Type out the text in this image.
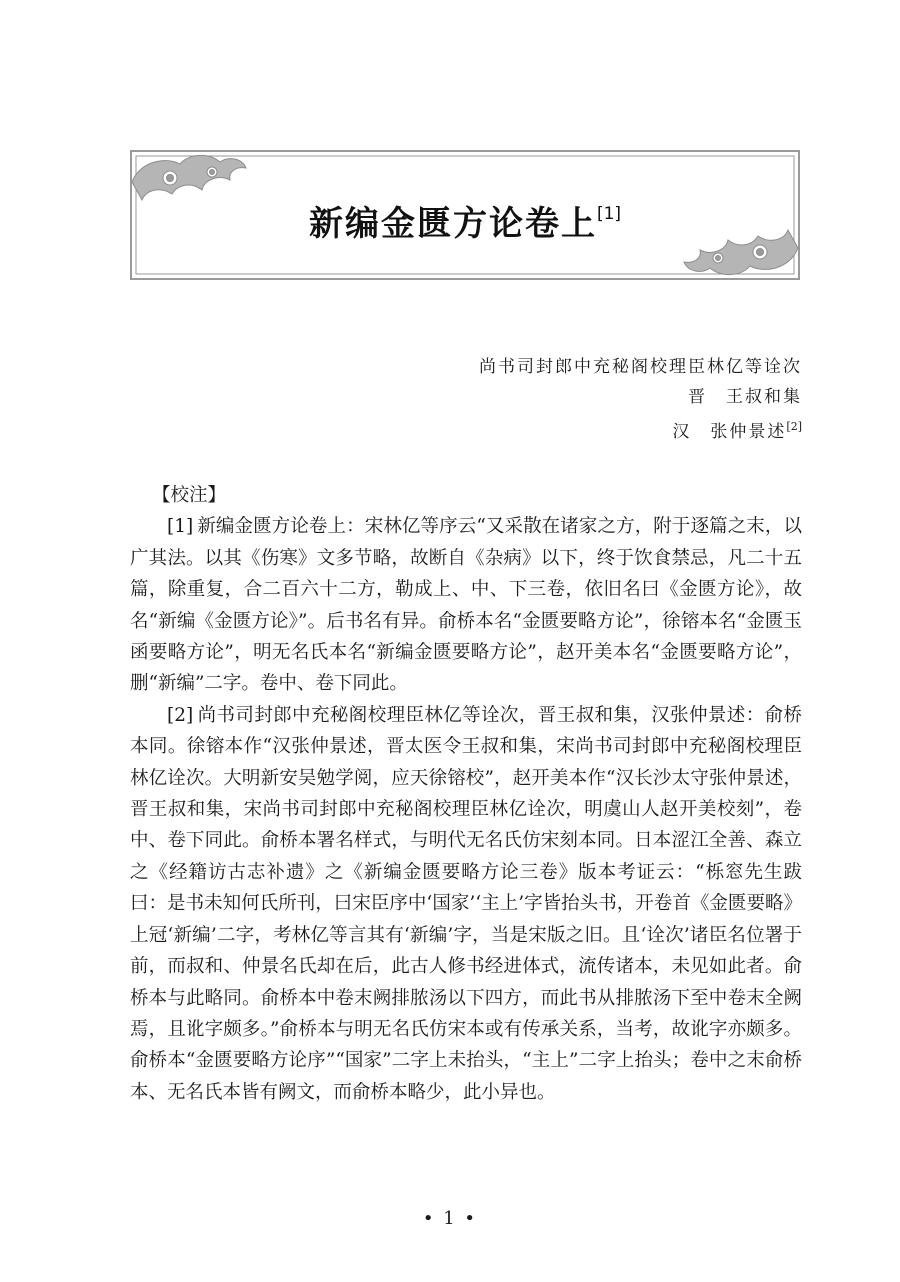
新编金匮方论卷上[1]
尚书司封郎中充秘阁校理臣林亿等诠次
晋　王叔和集
汉　张仲景述[2]

【校注】

[1] 新编金匮方论卷上：宋林亿等序云“又采散在诸家之方，附于逐篇之末，以广其法。以其《伤寒》文多节略，故断自《杂病》以下，终于饮食禁忌，凡二十五篇，除重复，合二百六十二方，勒成上、中、下三卷，依旧名曰《金匮方论》，故名“新编《金匮方论》”。后书名有异。俞桥本名“金匮要略方论”，徐镕本名“金匮玉函要略方论”，明无名氏本名“新编金匮要略方论”，赵开美本名“金匮要略方论”，删“新编”二字。卷中、卷下同此。

[2] 尚书司封郎中充秘阁校理臣林亿等诠次，晋王叔和集，汉张仲景述：俞桥本同。徐镕本作“汉张仲景述，晋太医令王叔和集，宋尚书司封郎中充秘阁校理臣林亿诠次。大明新安吴勉学阅，应天徐镕校”，赵开美本作“汉长沙太守张仲景述，晋王叔和集，宋尚书司封郎中充秘阁校理臣林亿诠次，明虞山人赵开美校刻”，卷中、卷下同此。俞桥本署名样式，与明代无名氏仿宋刻本同。日本涩江全善、森立之《经籍访古志补遗》之《新编金匮要略方论三卷》版本考证云：“栎窓先生跋曰：是书未知何氏所刊，曰宋臣序中‘国家’‘主上’字皆抬头书，开卷首《金匮要略》上冠‘新编’二字，考林亿等言其有‘新编’字，当是宋版之旧。且‘诠次’诸臣名位署于前，而叔和、仲景名氏却在后，此古人修书经进体式，流传诸本，未见如此者。俞桥本与此略同。俞桥本中卷末阙排脓汤以下四方，而此书从排脓汤下至中卷末全阙焉，且讹字颇多。”俞桥本与明无名氏仿宋本或有传承关系，当考，故讹字亦颇多。俞桥本“金匮要略方论序”“国家”二字上未抬头，“主上”二字上抬头；卷中之末俞桥本、无名氏本皆有阙文，而俞桥本略少，此小异也。

• 1 •
